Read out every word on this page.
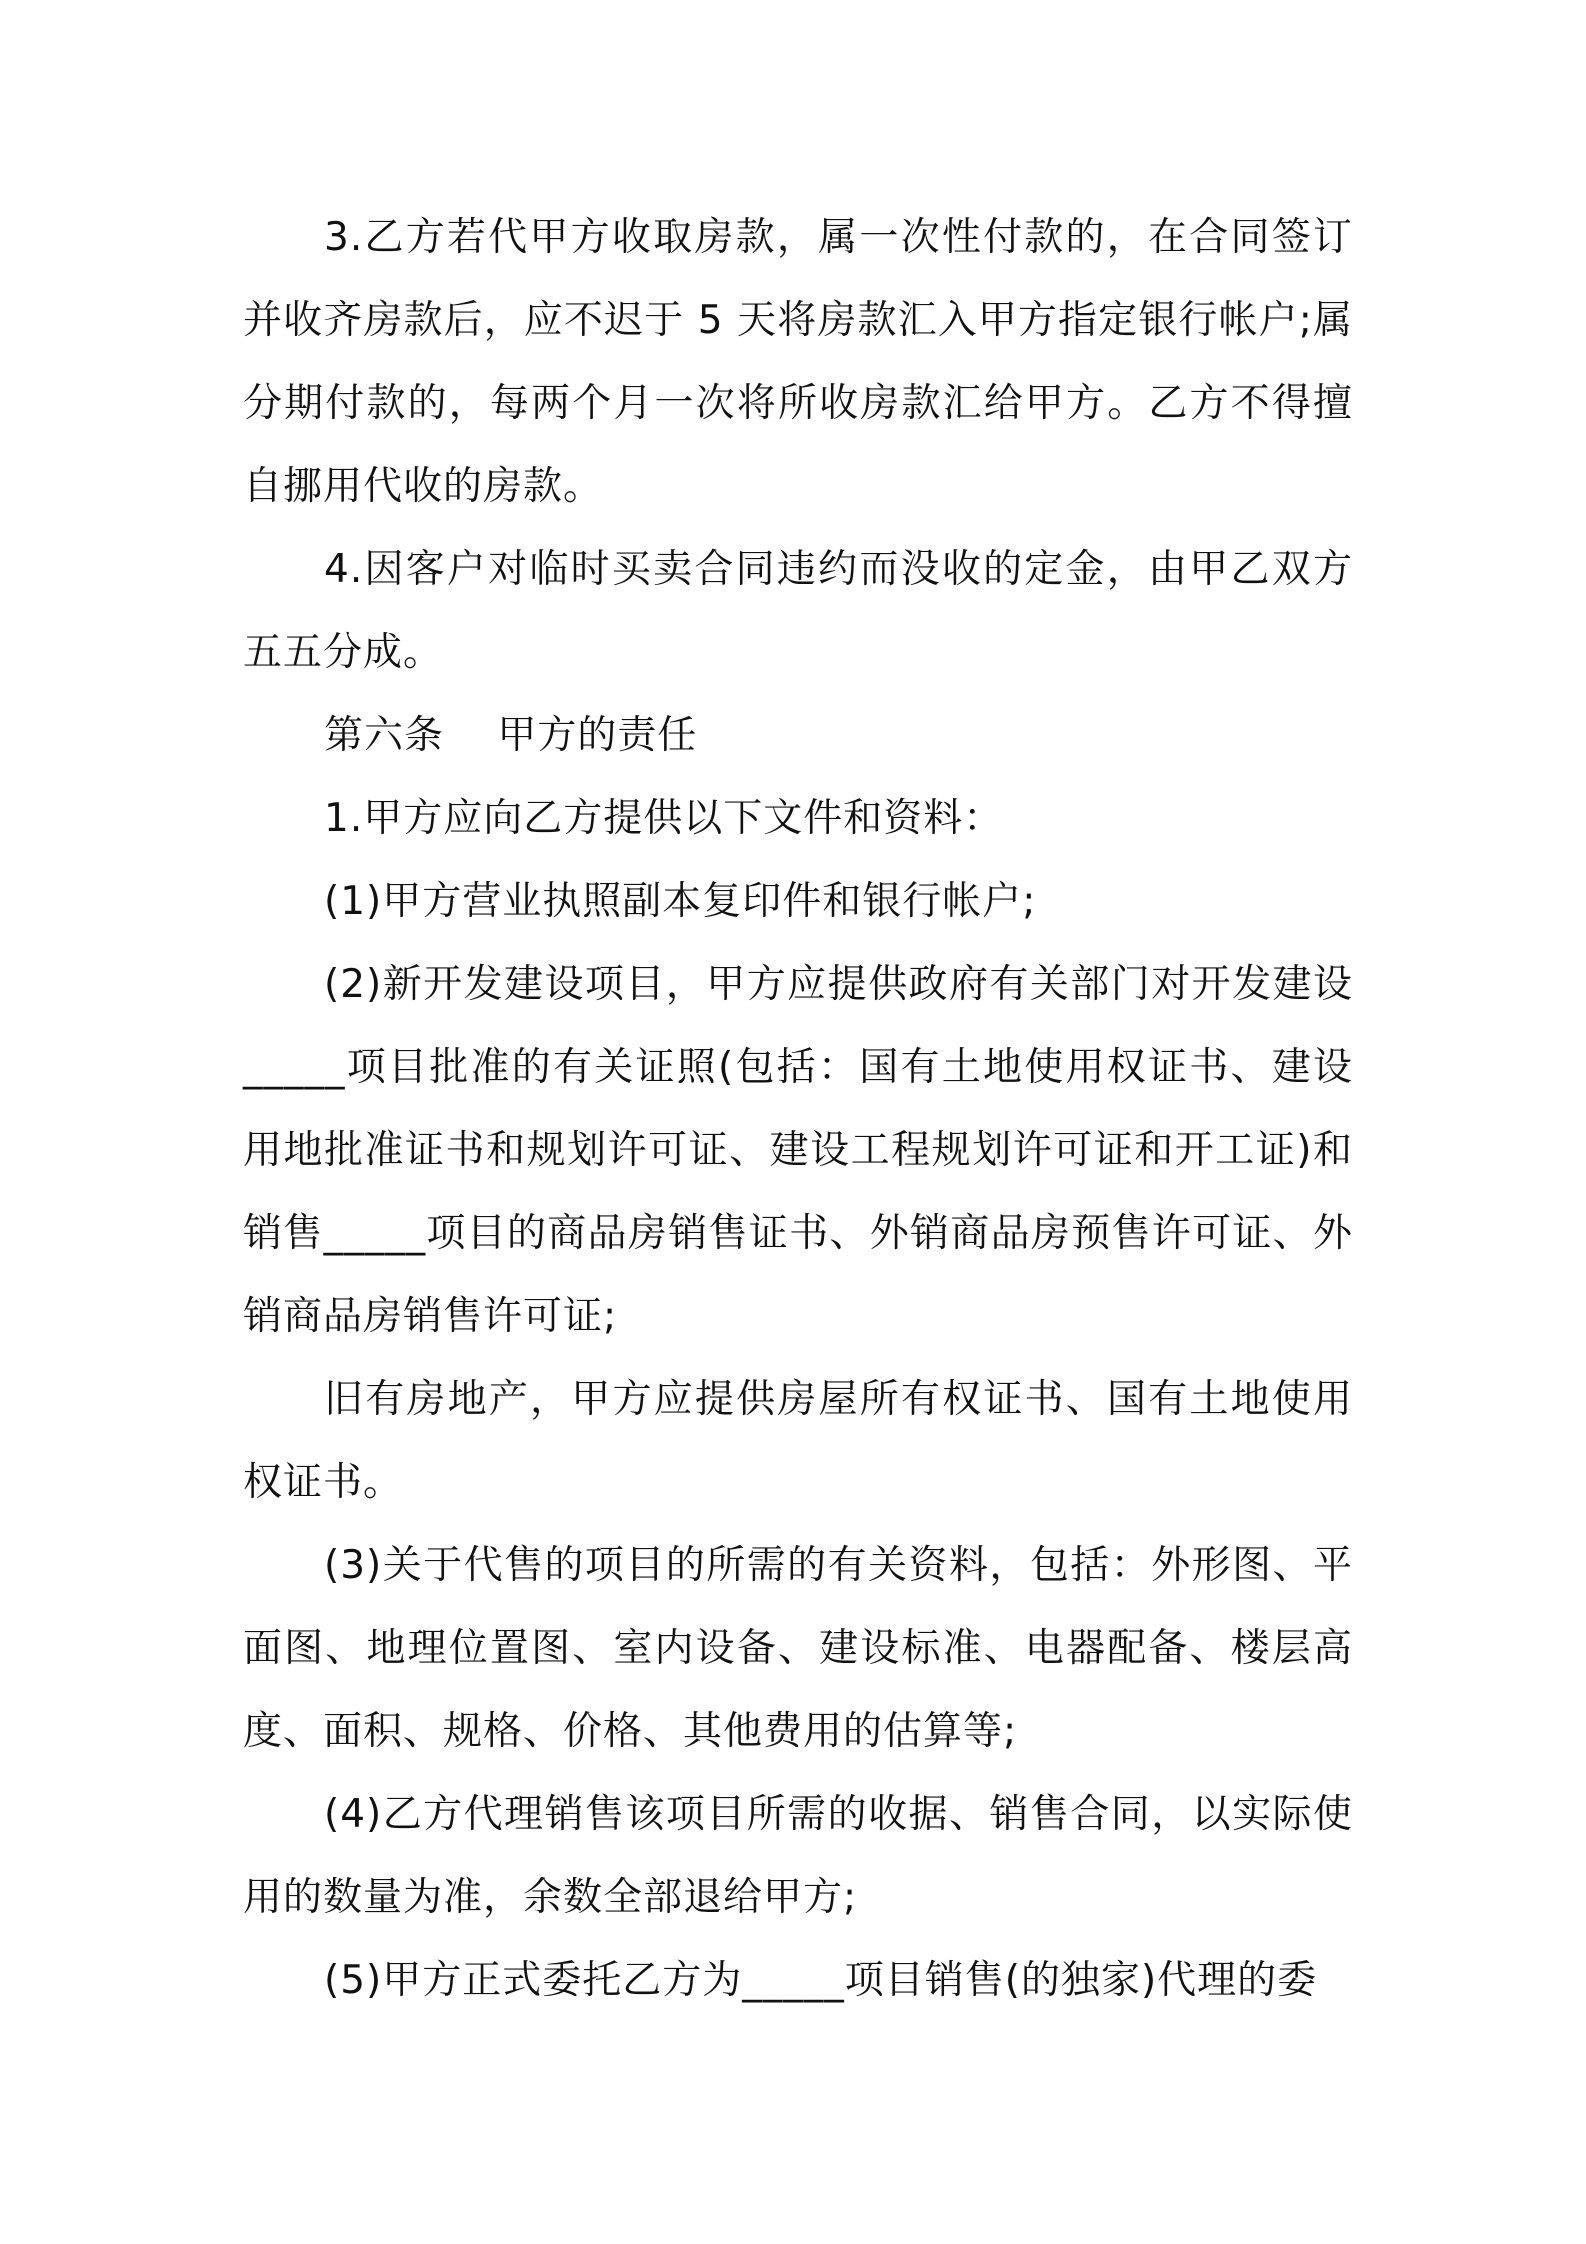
3.乙方若代甲方收取房款，属一次性付款的，在合同签订并收齐房款后，应不迟于 5 天将房款汇入甲方指定银行帐户;属分期付款的，每两个月一次将所收房款汇给甲方。乙方不得擅自挪用代收的房款。

4.因客户对临时买卖合同违约而没收的定金，由甲乙双方五五分成。

第六条　 甲方的责任

1.甲方应向乙方提供以下文件和资料：

(1)甲方营业执照副本复印件和银行帐户;

(2)新开发建设项目，甲方应提供政府有关部门对开发建设_____项目批准的有关证照(包括：国有土地使用权证书、建设用地批准证书和规划许可证、建设工程规划许可证和开工证)和销售_____项目的商品房销售证书、外销商品房预售许可证、外销商品房销售许可证;

旧有房地产，甲方应提供房屋所有权证书、国有土地使用权证书。

(3)关于代售的项目的所需的有关资料，包括：外形图、平面图、地理位置图、室内设备、建设标准、电器配备、楼层高度、面积、规格、价格、其他费用的估算等;

(4)乙方代理销售该项目所需的收据、销售合同，以实际使用的数量为准，余数全部退给甲方;

(5)甲方正式委托乙方为_____项目销售(的独家)代理的委
